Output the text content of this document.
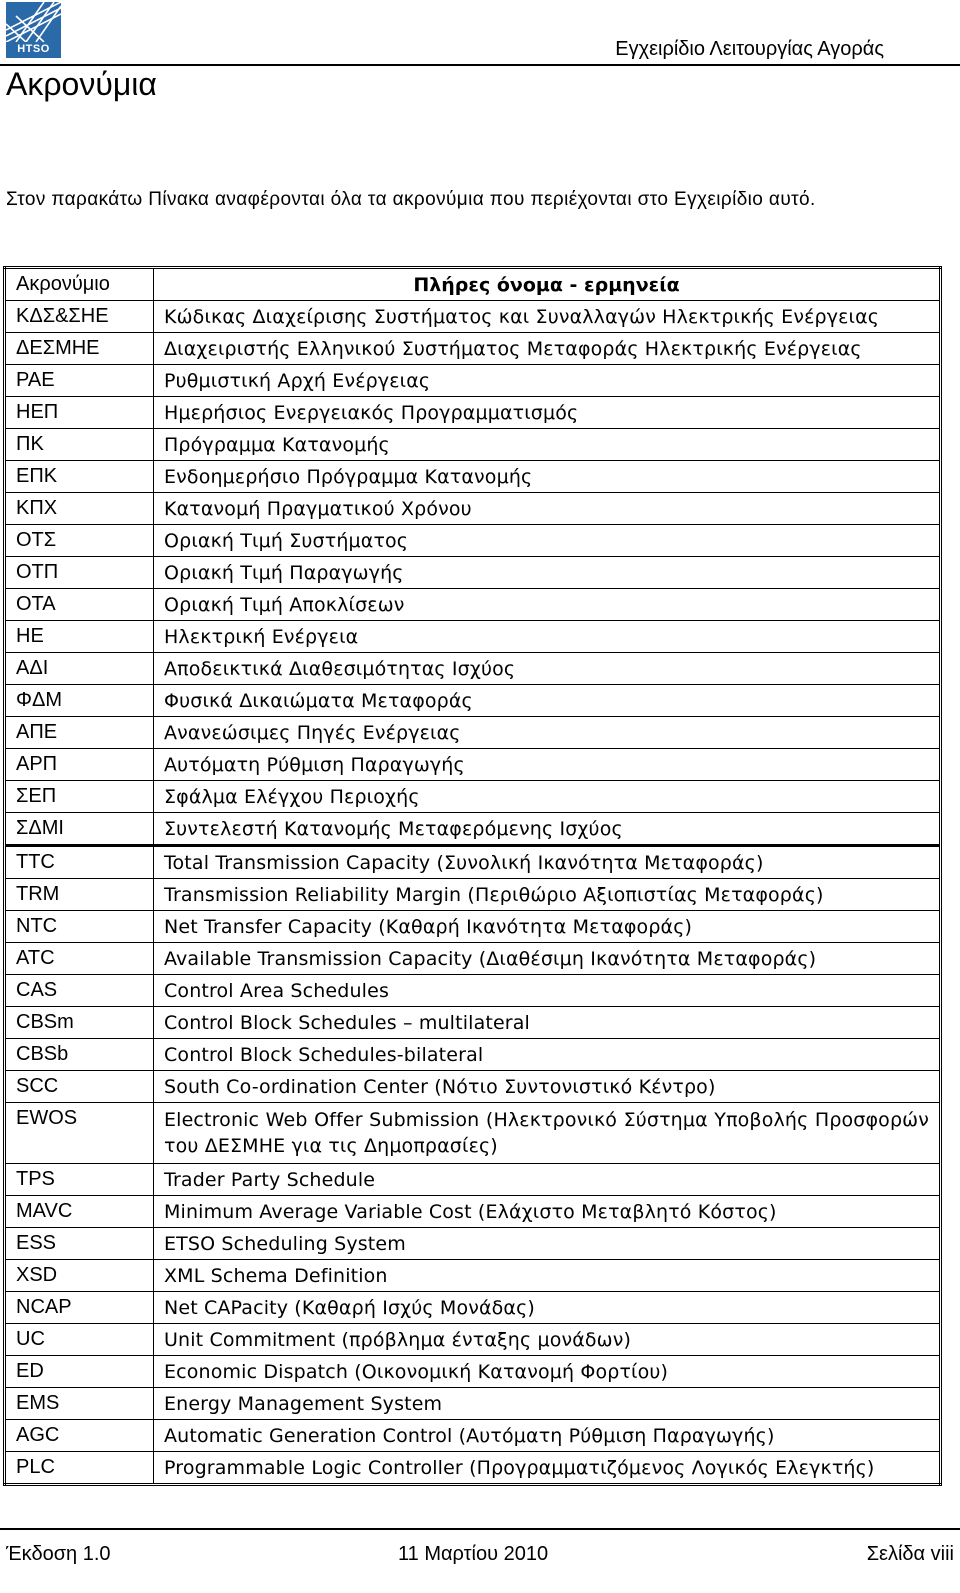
HTSO	Εγχειρίδιο Λειτουργίας Αγοράς
Ακρονύμια
Στον παρακάτω Πίνακα αναφέρονται όλα τα ακρονύμια που περιέχονται στο Εγχειρίδιο αυτό.
Ακρονύμιο	Πλήρες όνομα - ερμηνεία
ΚΔΣ&ΣΗΕ	Κώδικας Διαχείρισης Συστήματος και Συναλλαγών Ηλεκτρικής Ενέργειας
ΔΕΣΜΗΕ	Διαχειριστής Ελληνικού Συστήματος Μεταφοράς Ηλεκτρικής Ενέργειας
ΡΑΕ	Ρυθμιστική Αρχή Ενέργειας
ΗΕΠ	Ημερήσιος Ενεργειακός Προγραμματισμός
ΠΚ	Πρόγραμμα Κατανομής
ΕΠΚ	Ενδοημερήσιο Πρόγραμμα Κατανομής
ΚΠΧ	Κατανομή Πραγματικού Χρόνου
ΟΤΣ	Οριακή Τιμή Συστήματος
ΟΤΠ	Οριακή Τιμή Παραγωγής
ΟΤΑ	Οριακή Τιμή Αποκλίσεων
ΗΕ	Ηλεκτρική Ενέργεια
ΑΔΙ	Αποδεικτικά Διαθεσιμότητας Ισχύος
ΦΔΜ	Φυσικά Δικαιώματα Μεταφοράς
ΑΠΕ	Ανανεώσιμες Πηγές Ενέργειας
ΑΡΠ	Αυτόματη Ρύθμιση Παραγωγής
ΣΕΠ	Σφάλμα Ελέγχου Περιοχής
ΣΔΜΙ	Συντελεστή Κατανομής Μεταφερόμενης Ισχύος
TTC	Total Transmission Capacity (Συνολική Ικανότητα Μεταφοράς)
TRM	Transmission Reliability Margin (Περιθώριο Αξιοπιστίας Μεταφοράς)
NTC	Net Transfer Capacity (Καθαρή Ικανότητα Μεταφοράς)
ATC	Available Transmission Capacity (Διαθέσιμη Ικανότητα Μεταφοράς)
CAS	Control Area Schedules
CBSm	Control Block Schedules – multilateral
CBSb	Control Block Schedules-bilateral
SCC	South Co-ordination Center (Νότιο Συντονιστικό Κέντρο)
EWOS	Electronic Web Offer Submission (Ηλεκτρονικό Σύστημα Υποβολής Προσφορών του ΔΕΣΜΗΕ για τις Δημοπρασίες)
TPS	Trader Party Schedule
MAVC	Minimum Average Variable Cost (Ελάχιστο Μεταβλητό Κόστος)
ESS	ETSO Scheduling System
XSD	XML Schema Definition
NCAP	Net CAPacity (Καθαρή Ισχύς Μονάδας)
UC	Unit Commitment (πρόβλημα ένταξης μονάδων)
ED	Economic Dispatch (Οικονομική Κατανομή Φορτίου)
EMS	Energy Management System
AGC	Automatic Generation Control (Αυτόματη Ρύθμιση Παραγωγής)
PLC	Programmable Logic Controller (Προγραμματιζόμενος Λογικός Ελεγκτής)
Έκδοση 1.0	11 Μαρτίου 2010	Σελίδα viii
